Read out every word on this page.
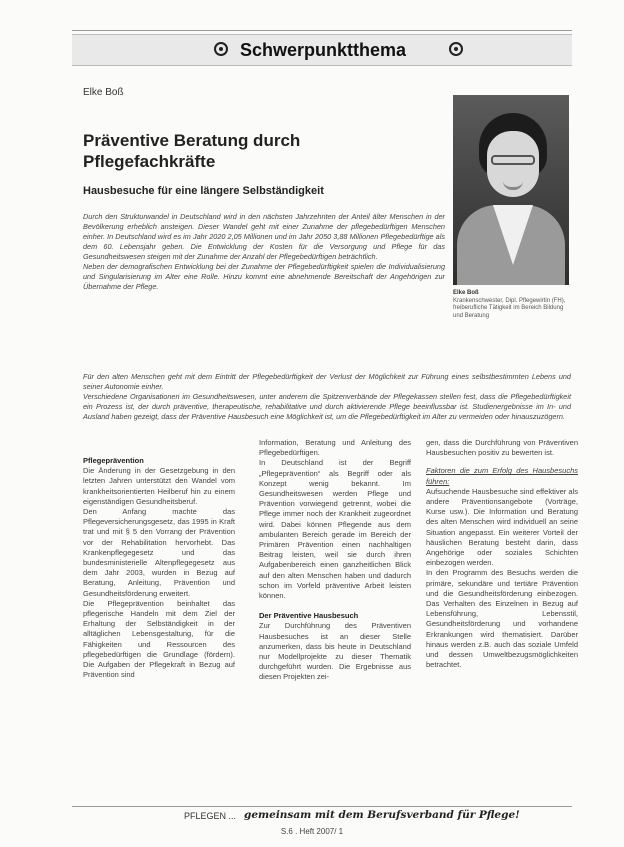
Schwerpunktthema
Elke Boß
Präventive Beratung durch Pflegefachkräfte
Hausbesuche für eine längere Selbständigkeit

Durch den Strukturwandel in Deutschland wird in den nächsten Jahrzehnten der Anteil älter Menschen in der Bevölkerung erheblich ansteigen. Dieser Wandel geht mit einer Zunahme der pflegebedürftigen Menschen einher. In Deutschland wird es im Jahr 2020 2,05 Millionen und im Jahr 2050 3,88 Millionen Pflegebedürftige als dem 60. Lebensjahr geben. Die Entwicklung der Kosten für die Versorgung und Pflege für das Gesundheitswesen steigen mit der Zunahme der Anzahl der Pflegebedürftigen beträchtlich.

Neben der demografischen Entwicklung bei der Zunahme der Pflegebedürftigkeit spielen die Individualisierung und Singularisierung im Alter eine Rolle. Hinzu kommt eine abnehmende Bereitschaft der Angehörigen zur Übernahme der Pflege.

Für den alten Menschen geht mit dem Eintritt der Pflegebedürftigkeit der Verlust der Möglichkeit zur Führung eines selbstbestimmten Lebens und seiner Autonomie einher.

Verschiedene Organisationen im Gesundheitswesen, unter anderem die Spitzenverbände der Pflegekassen stellen fest, dass die Pflegebedürftigkeit ein Prozess ist, der durch präventive, therapeutische, rehabilitative und durch aktivierende Pflege beeinflussbar ist. Studienergebnisse im In- und Ausland haben gezeigt, dass der Präventive Hausbesuch eine Möglichkeit ist, um die Pflegebedürftigkeit im Alter zu vermeiden oder hinauszuzögern.

Elke Boß
Krankenschwester, Dipl. Pflegewirtin (FH), freiberufliche Tätigkeit im Bereich Bildung und Beratung

Pflegeprävention

Die Änderung in der Gesetzgebung in den letzten Jahren unterstützt den Wandel vom krankheitsorientierten Heilberuf hin zu einem eigenständigen Gesundheitsberuf.

Den Anfang machte das Pflegeversicherungsgesetz, das 1995 in Kraft trat und mit § 5 den Vorrang der Prävention vor der Rehabilitation hervorhebt. Das Krankenpflegegesetz und das bundesministerielle Altenpflegegesetz aus dem Jahr 2003, wurden in Bezug auf Beratung, Anleitung, Prävention und Gesundheitsförderung erweitert.

Die Pflegeprävention beinhaltet das pflegerische Handeln mit dem Ziel der Erhaltung der Selbständigkeit in der alltäglichen Lebensgestaltung, für die Fähigkeiten und Ressourcen des pflegebedürftigen die Grundlage (fördern). Die Aufgaben der Pflegekraft in Bezug auf Prävention sind

Information, Beratung und Anleitung des Pflegebedürftigen.

In Deutschland ist der Begriff „Pflegeprävention“ als Begriff oder als Konzept wenig bekannt. Im Gesundheitswesen werden Pflege und Prävention vorwiegend getrennt, wobei die Pflege immer noch der Krankheit zugeordnet wird. Dabei können Pflegende aus dem ambulanten Bereich gerade im Bereich der Primären Prävention einen nachhaltigen Beitrag leisten, weil sie durch ihren Aufgabenbereich einen ganzheitlichen Blick auf den alten Menschen haben und dadurch schon im Vorfeld präventive Arbeit leisten können.

Der Präventive Hausbesuch

Zur Durchführung des Präventiven Hausbesuches ist an dieser Stelle anzumerken, dass bis heute in Deutschland nur Modellprojekte zu dieser Thematik durchgeführt wurden. Die Ergebnisse aus diesen Projekten zei-

gen, dass die Durchführung von Präventiven Hausbesuchen positiv zu bewerten ist.

Faktoren die zum Erfolg des Hausbesuchs führen:

Aufsuchende Hausbesuche sind effektiver als andere Präventionsangebote (Vorträge, Kurse usw.). Die Information und Beratung des alten Menschen wird individuell an seine Situation angepasst. Ein weiterer Vorteil der häuslichen Beratung besteht darin, dass Angehörige oder soziales Schichten einbezogen werden.

In den Programm des Besuchs werden die primäre, sekundäre und tertiäre Prävention und die Gesundheitsförderung einbezogen. Das Verhalten des Einzelnen in Bezug auf Lebensführung, Lebensstil, Gesundheitsförderung und vorhandene Erkrankungen wird thematisiert. Darüber hinaus werden z.B. auch das soziale Umfeld und dessen Umweltbezugsmöglichkeiten betrachtet.

PFLEGEN ... gemeinsam mit dem Berufsverband für Pflege!
S.6 . Heft 2007/ 1
